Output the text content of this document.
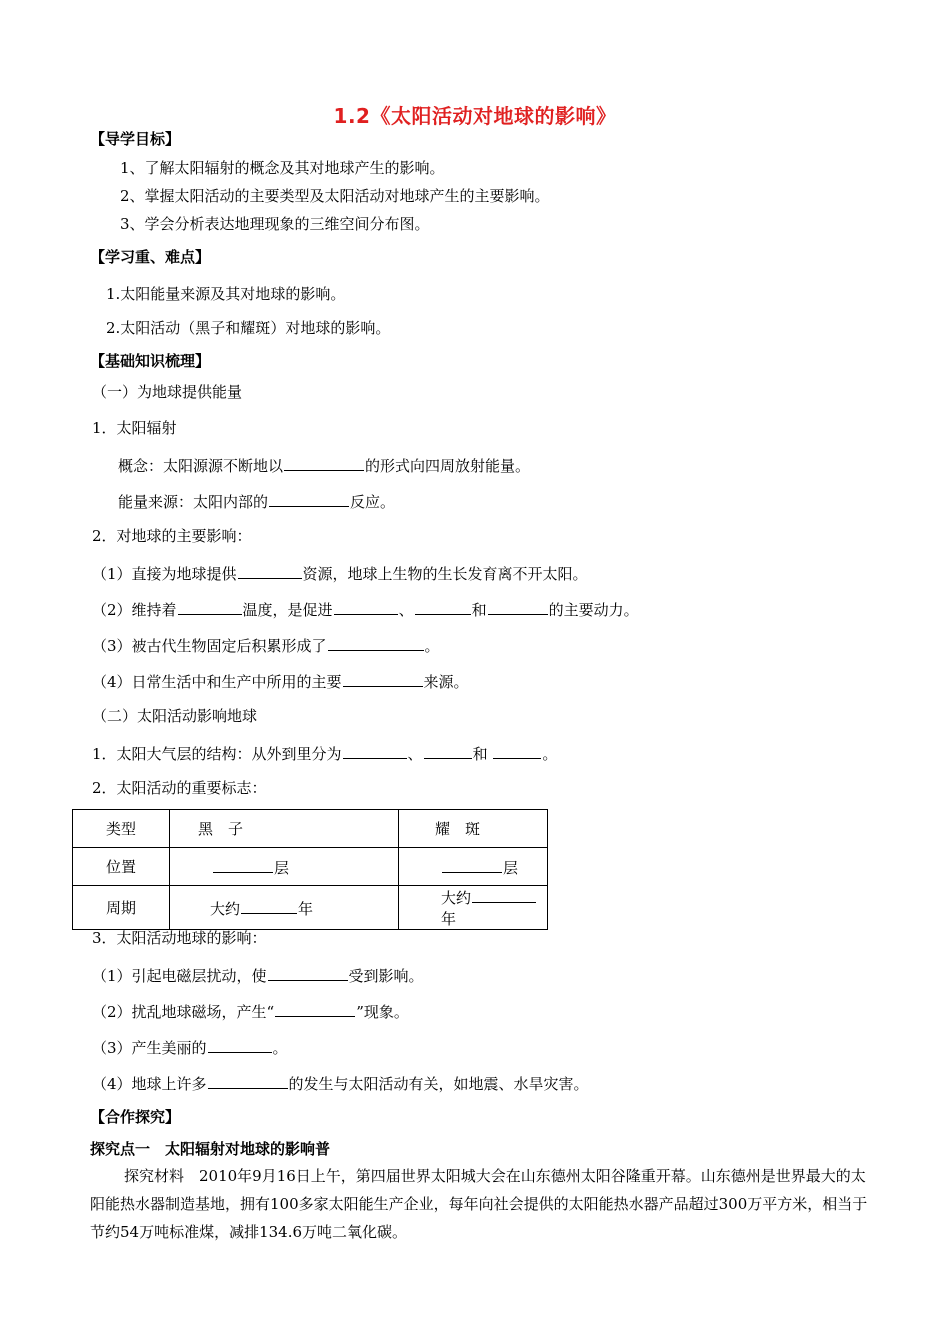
1.2《太阳活动对地球的影响》
【导学目标】
1、了解太阳辐射的概念及其对地球产生的影响。
2、掌握太阳活动的主要类型及太阳活动对地球产生的主要影响。
3、学会分析表达地理现象的三维空间分布图。
【学习重、难点】
1.太阳能量来源及其对地球的影响。
2.太阳活动（黑子和耀斑）对地球的影响。
【基础知识梳理】
（一）为地球提供能量
1．太阳辐射
概念：太阳源源不断地以	的形式向四周放射能量。
能量来源：太阳内部的	反应。
2．对地球的主要影响：
（1）直接为地球提供	资源，地球上生物的生长发育离不开太阳。
（2）维持着	温度，是促进	、	和	的主要动力。
（3）被古代生物固定后积累形成了	。
（4）日常生活中和生产中所用的主要	来源。
（二）太阳活动影响地球
1．太阳大气层的结构：从外到里分为	、	和	。
2．太阳活动的重要标志：
类型	黑　子	耀　斑
位置	层	层
周期	大约 年	大约年
3．太阳活动地球的影响：
（1）引起电磁层扰动，使	受到影响。
（2）扰乱地球磁场，产生“	”现象。
（3）产生美丽的	。
（4）地球上许多	的发生与太阳活动有关，如地震、水旱灾害。
【合作探究】
探究点一　太阳辐射对地球的影响普
探究材料　2010年9月16日上午，第四届世界太阳城大会在山东德州太阳谷隆重开幕。山东德州是世界最大的太阳能热水器制造基地，拥有100多家太阳能生产企业，每年向社会提供的太阳能热水器产品超过300万平方米，相当于节约54万吨标准煤，减排134.6万吨二氧化碳。
